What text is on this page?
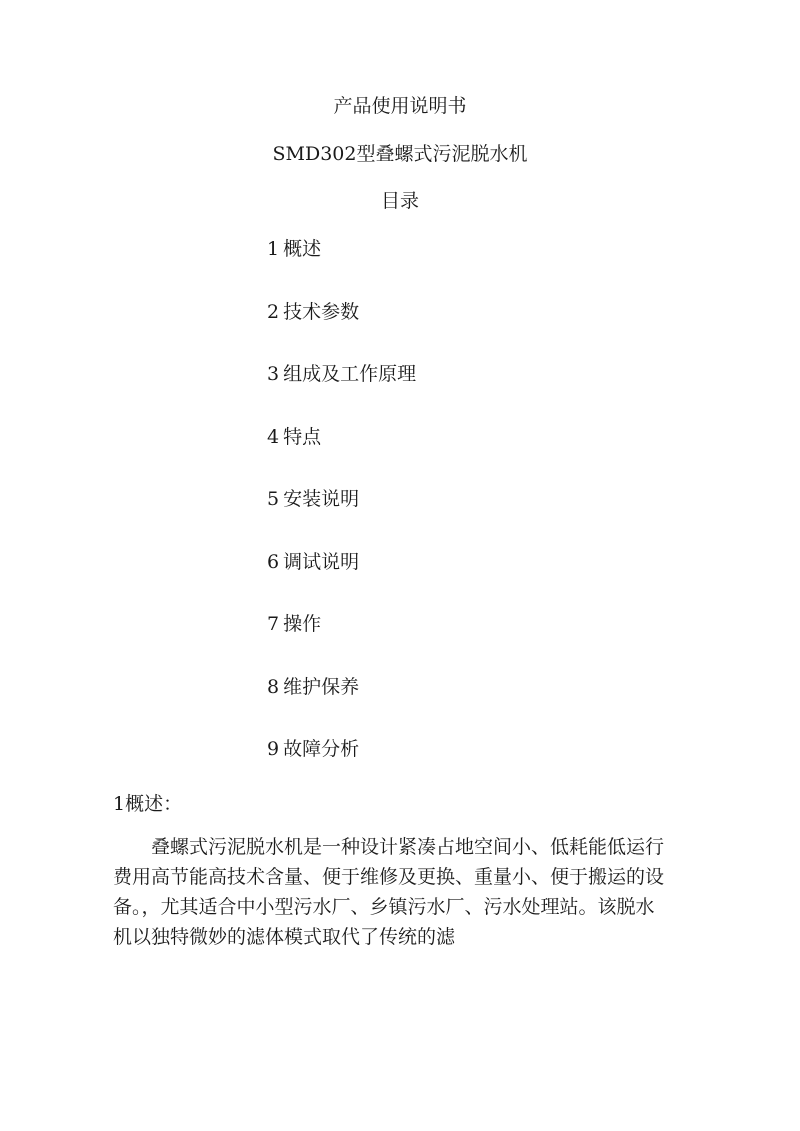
产品使用说明书
SMD302型叠螺式污泥脱水机
目录
1 概述
2 技术参数
3 组成及工作原理
4 特点
5 安装说明
6 调试说明
7 操作
8 维护保养
9 故障分析
1概述：
叠螺式污泥脱水机是一种设计紧凑占地空间小、低耗能低运行
费用高节能高技术含量、便于维修及更换、重量小、便于搬运的设
备。，尤其适合中小型污水厂、乡镇污水厂、污水处理站。该脱水
机以独特微妙的滤体模式取代了传统的滤
